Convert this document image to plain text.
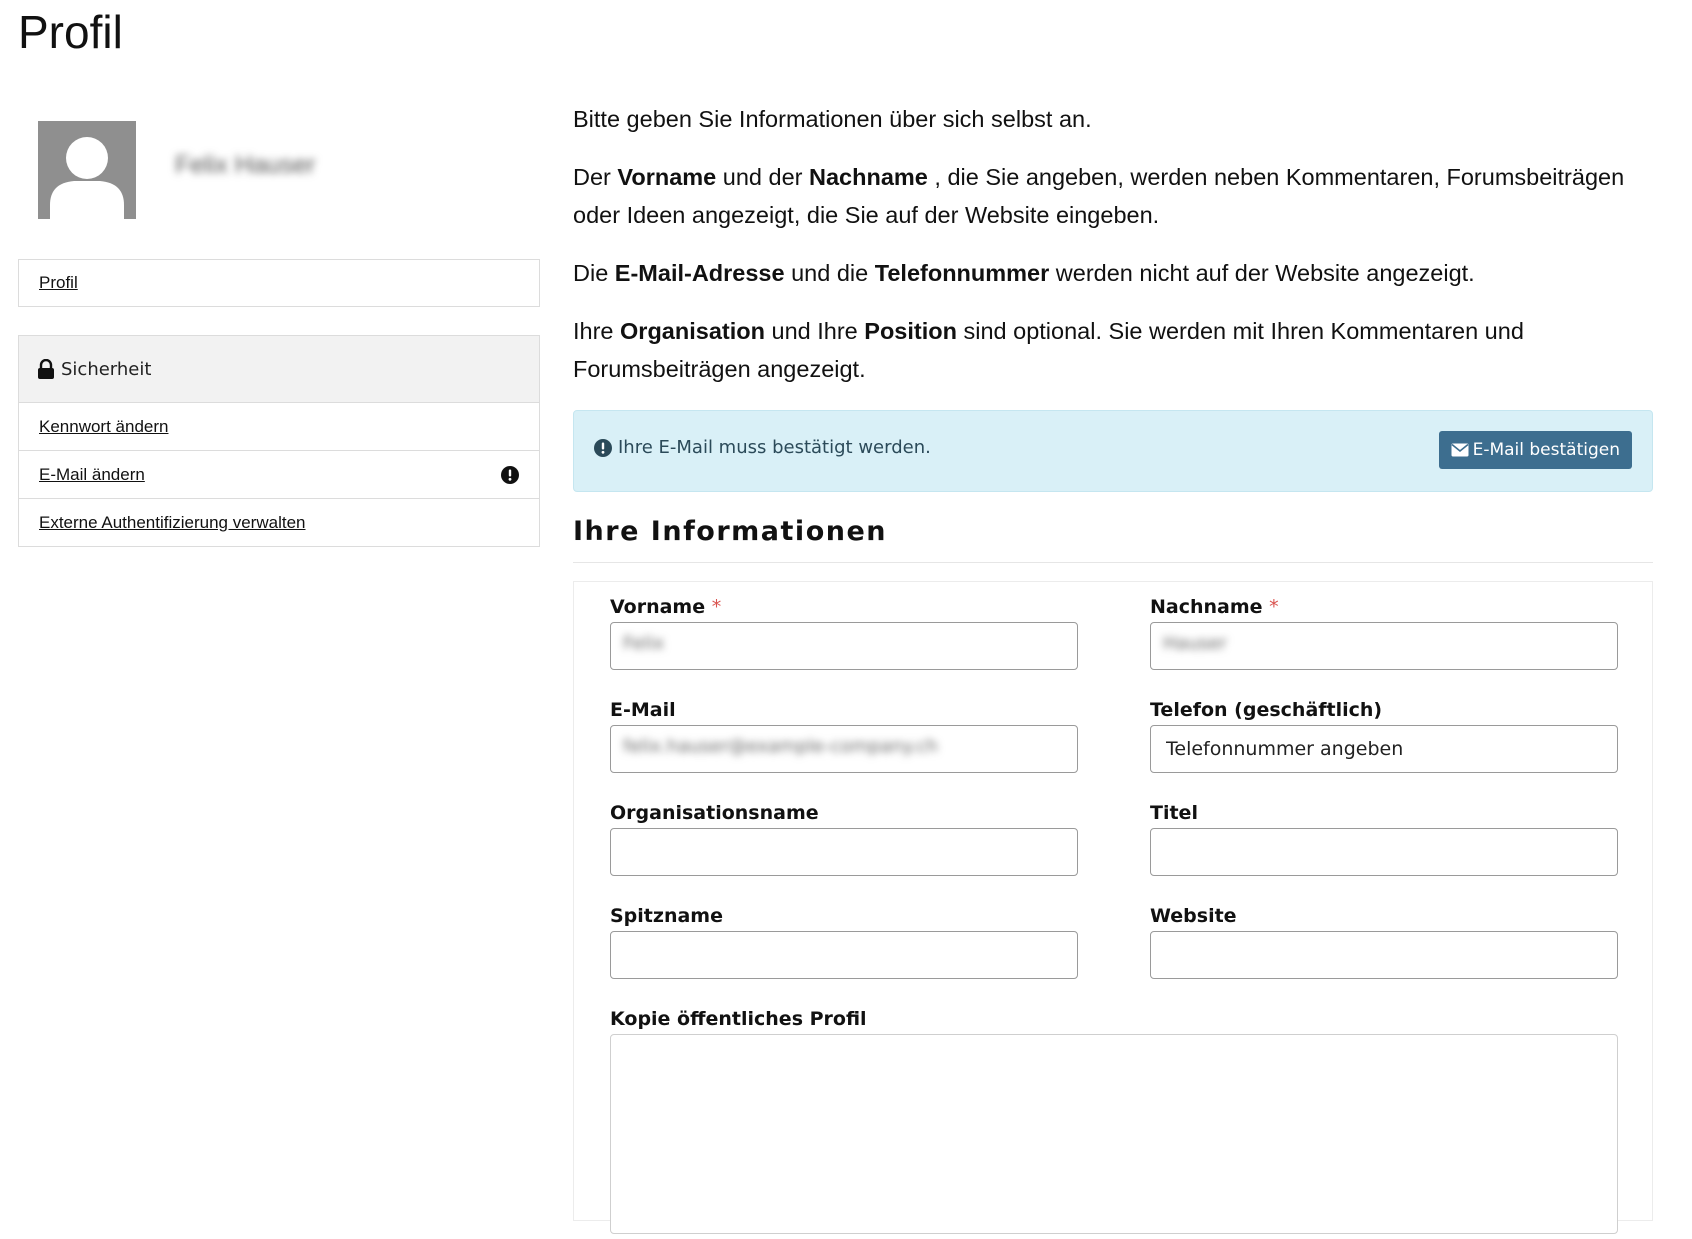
Profil
Felix Hauser
Profil
Sicherheit
Kennwort ändern
E-Mail ändern
Externe Authentifizierung verwalten

Bitte geben Sie Informationen über sich selbst an.

Der Vorname und der Nachname , die Sie angeben, werden neben Kommentaren, Forumsbeiträgen oder Ideen angezeigt, die Sie auf der Website eingeben.

Die E-Mail-Adresse und die Telefonnummer werden nicht auf der Website angezeigt.

Ihre Organisation und Ihre Position sind optional. Sie werden mit Ihren Kommentaren und Forumsbeiträgen angezeigt.

Ihre E-Mail muss bestätigt werden.	E-Mail bestätigen
Ihre Informationen
Vorname *
Felix
Nachname *
Hauser
E-Mail
felix.hauser@example-company.ch
Telefon (geschäftlich)
Telefonnummer angeben
Organisationsname	Titel
Spitzname	Website
Kopie öffentliches Profil
